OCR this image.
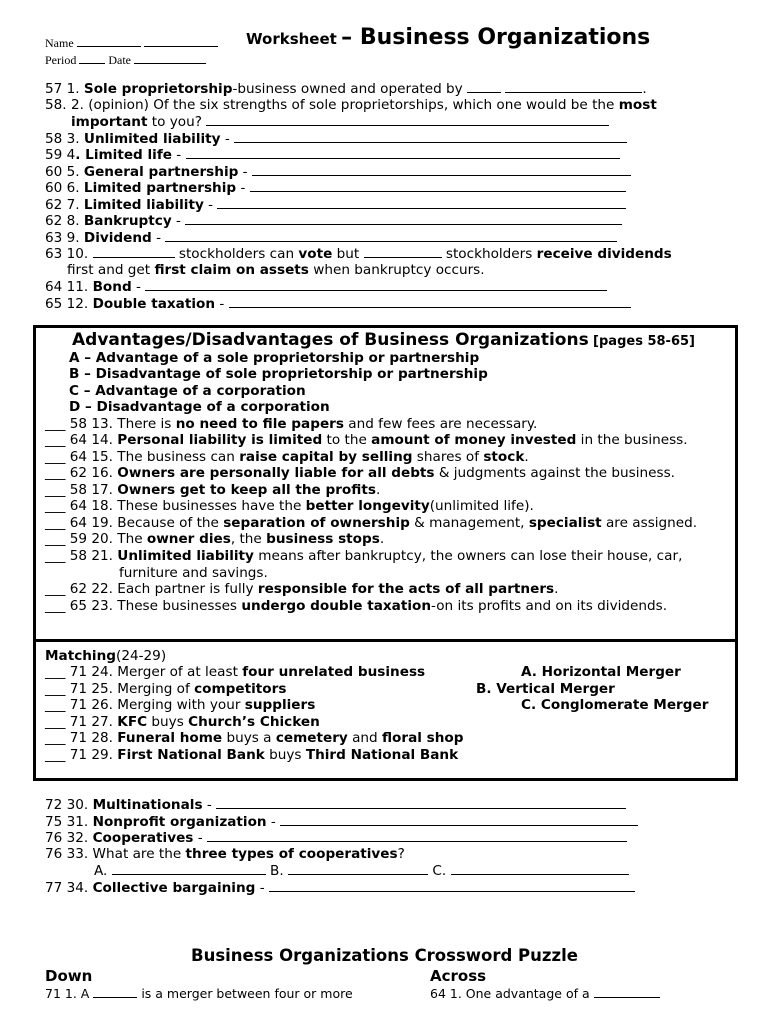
Name
Period	Date
Worksheet – Business Organizations
57 1. Sole proprietorship-business owned and operated by	.
58. 2. (opinion) Of the six strengths of sole proprietorships, which one would be the most
important to you?
58 3. Unlimited liability -
59 4. Limited life -
60 5. General partnership -
60 6. Limited partnership -
62 7. Limited liability -
62 8. Bankruptcy -
63 9. Dividend -
63 10.	stockholders can vote but	stockholders receive dividends
first and get first claim on assets when bankruptcy occurs.
64 11. Bond -
65 12. Double taxation -
Advantages/Disadvantages of Business Organizations [pages 58-65]
A – Advantage of a sole proprietorship or partnership
B – Disadvantage of sole proprietorship or partnership
C – Advantage of a corporation
D – Disadvantage of a corporation
___ 58 13. There is no need to file papers and few fees are necessary.
___ 64 14. Personal liability is limited to the amount of money invested in the business.
___ 64 15. The business can raise capital by selling shares of stock.
___ 62 16. Owners are personally liable for all debts & judgments against the business.
___ 58 17. Owners get to keep all the profits.
___ 64 18. These businesses have the better longevity(unlimited life).
___ 64 19. Because of the separation of ownership & management, specialist are assigned.
___ 59 20. The owner dies, the business stops.
___ 58 21. Unlimited liability means after bankruptcy, the owners can lose their house, car,
furniture and savings.
___ 62 22. Each partner is fully responsible for the acts of all partners.
___ 65 23. These businesses undergo double taxation-on its profits and on its dividends.
Matching(24-29)
___ 71 24. Merger of at least four unrelated business
___ 71 25. Merging of competitors
___ 71 26. Merging with your suppliers
___ 71 27. KFC buys Church’s Chicken
___ 71 28. Funeral home buys a cemetery and floral shop
___ 71 29. First National Bank buys Third National Bank
A. Horizontal Merger
B. Vertical Merger
C. Conglomerate Merger
72 30. Multinationals -
75 31. Nonprofit organization -
76 32. Cooperatives -
76 33. What are the three types of cooperatives?
A.	B.	C.
77 34. Collective bargaining -
Business Organizations Crossword Puzzle
Down	Across
71 1. A	is a merger between four or more	64 1. One advantage of a
